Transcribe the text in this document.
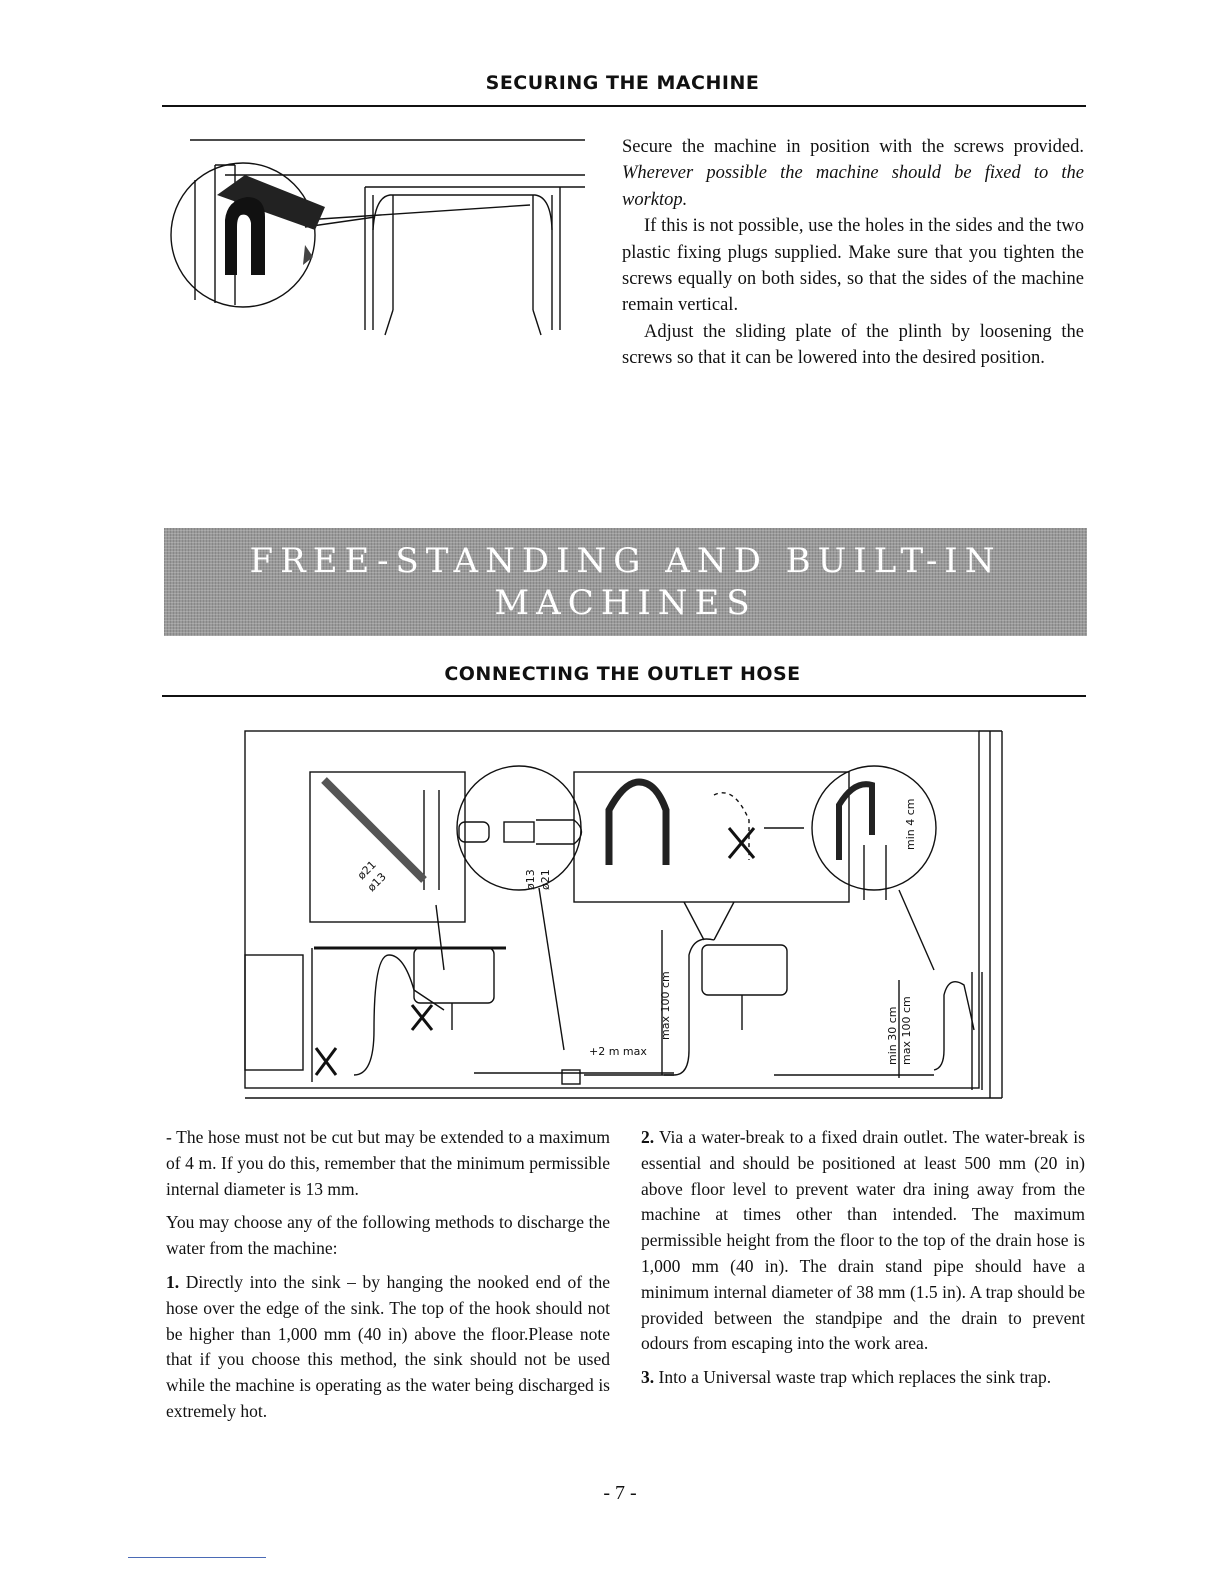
SECURING THE MACHINE

Secure the machine in position with the screws provided. Wherever possible the machine should be fixed to the worktop.

If this is not possible, use the holes in the sides and the two plastic fixing plugs supplied. Make sure that you tighten the screws equally on both sides, so that the sides of the machine remain vertical.

Adjust the sliding plate of the plinth by loosening the screws so that it can be lowered into the desired position.

FREE-STANDING AND BUILT-IN
MACHINES
CONNECTING THE OUTLET HOSE
ø21
ø13	ø13 ø21
min 4 cm
max 100 cm
+2 m max	min 30 cm max 100 cm

- The hose must not be cut but may be extended to a maximum of 4 m. If you do this, remember that the minimum permissible internal diameter is 13 mm.

You may choose any of the following methods to discharge the water from the machine:

1. Directly into the sink – by hanging the nooked end of the hose over the edge of the sink. The top of the hook should not be higher than 1,000 mm (40 in) above the floor.Please note that if you choose this method, the sink should not be used while the machine is operating as the water being discharged is extremely hot.

2. Via a water-break to a fixed drain outlet. The water-break is essential and should be positioned at least 500 mm (20 in) above floor level to prevent water dra ining away from the machine at times other than intended. The maximum permissible height from the floor to the top of the drain hose is 1,000 mm (40 in). The drain stand pipe should have a minimum internal diameter of 38 mm (1.5 in). A trap should be provided between the standpipe and the drain to prevent odours from escaping into the work area.

3. Into a Universal waste trap which replaces the sink trap.

- 7 -
